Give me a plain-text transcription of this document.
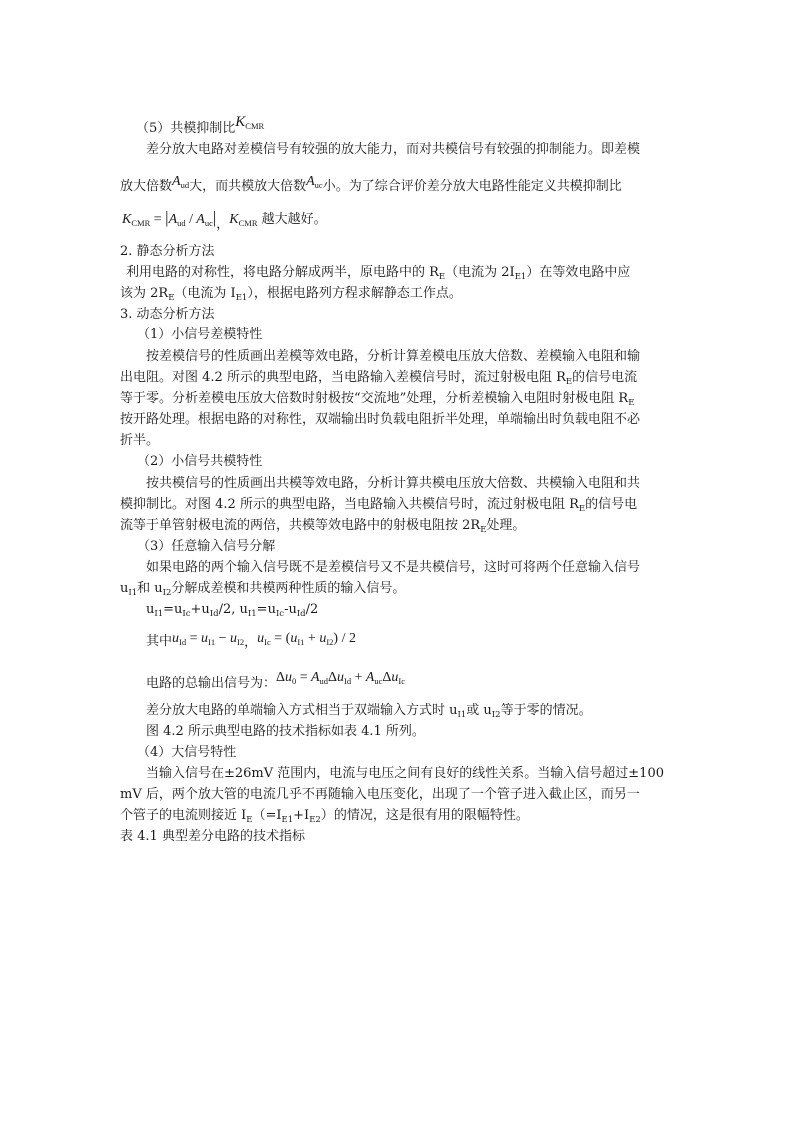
（5）共模抑制比$K_{CMR}$
差分放大电路对差模信号有较强的放大能力，而对共模信号有较强的抑制能力。即差模
放大倍数$A_{ud}$大，而共模放大倍数$A_{uc}$小。为了综合评价差分放大电路性能定义共模抑制比
$K_{CMR} = |A_{ud} / A_{uc}|$，$K_{CMR}$ 越大越好。
2. 静态分析方法
利用电路的对称性，将电路分解成两半，原电路中的 $R_E$（电流为 $2I_{E1}$）在等效电路中应
该为 $2R_E$（电流为 $I_{E1}$），根据电路列方程求解静态工作点。
3. 动态分析方法
（1）小信号差模特性
按差模信号的性质画出差模等效电路，分析计算差模电压放大倍数、差模输入电阻和输
出电阻。对图 4.2 所示的典型电路，当电路输入差模信号时，流过射极电阻 $R_E$的信号电流
等于零。分析差模电压放大倍数时射极按“交流地”处理，分析差模输入电阻时射极电阻 $R_E$
按开路处理。根据电路的对称性，双端输出时负载电阻折半处理，单端输出时负载电阻不必
折半。
（2）小信号共模特性
按共模信号的性质画出共模等效电路，分析计算共模电压放大倍数、共模输入电阻和共
模抑制比。对图 4.2 所示的典型电路，当电路输入共模信号时，流过射极电阻 $R_E$的信号电
流等于单管射极电流的两倍，共模等效电路中的射极电阻按 $2R_E$处理。
（3）任意输入信号分解
如果电路的两个输入信号既不是差模信号又不是共模信号，这时可将两个任意输入信号
$u_{I1}$和 $u_{I2}$分解成差模和共模两种性质的输入信号。
$u_{I1}=u_{Ic}+u_{Id}/2$, $u_{I1}=u_{Ic}-u_{Id}/2$
其中$u_{Id} = u_{I1} - u_{I2}$，$u_{Ic} = (u_{I1} + u_{I2}) / 2$
电路的总输出信号为：$\Delta u_0 = A_{ud}\Delta u_{Id} + A_{uc}\Delta u_{Ic}$
差分放大电路的单端输入方式相当于双端输入方式时 $u_{I1}$或 $u_{I2}$等于零的情况。
图 4.2 所示典型电路的技术指标如表 4.1 所列。
（4）大信号特性
当输入信号在±26mV 范围内，电流与电压之间有良好的线性关系。当输入信号超过±100
mV 后，两个放大管的电流几乎不再随输入电压变化，出现了一个管子进入截止区，而另一
个管子的电流则接近 $I_E(=I_{E1}+I_{E2})$的情况，这是很有用的限幅特性。
表 4.1 典型差分电路的技术指标
